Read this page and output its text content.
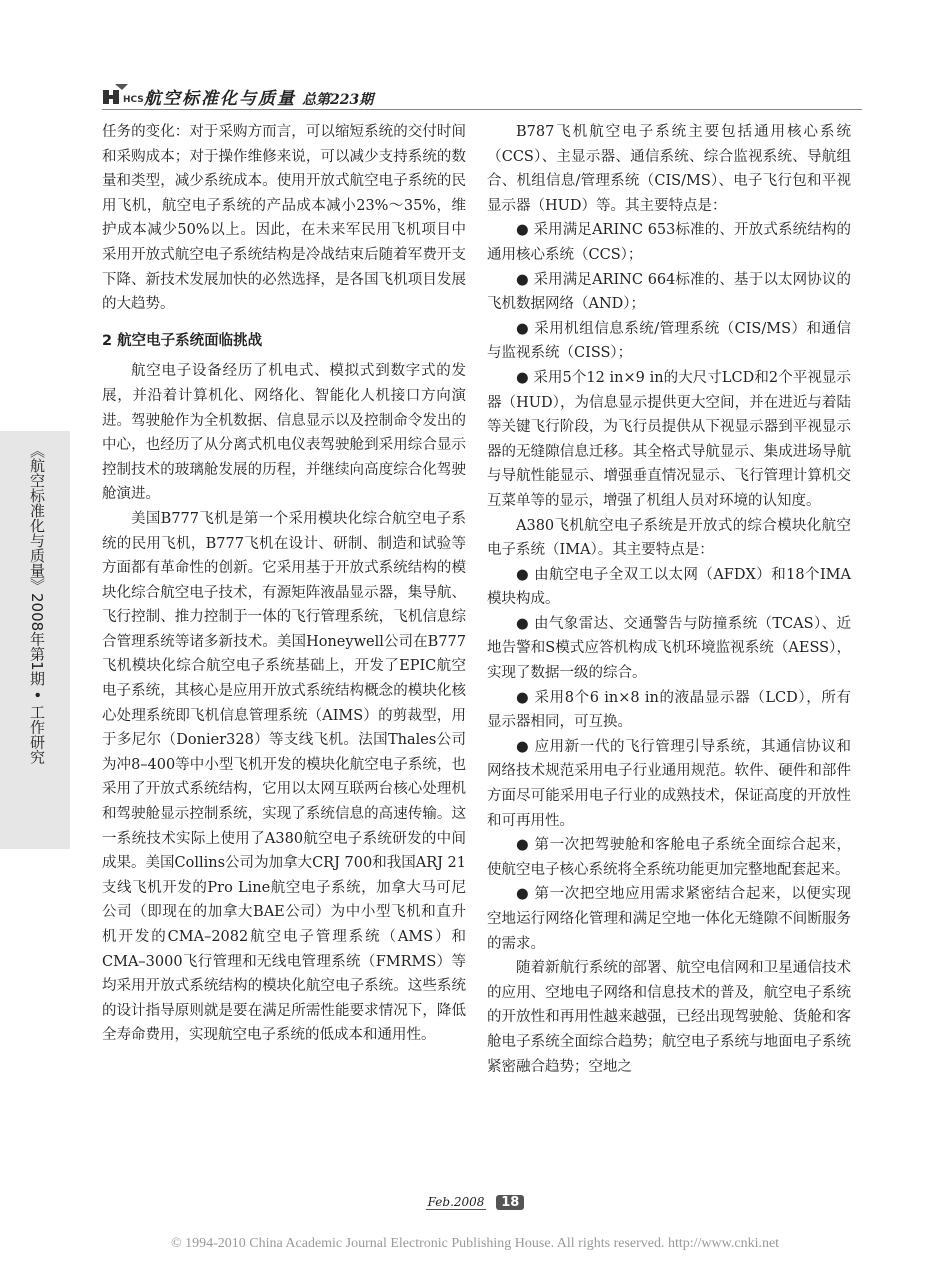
HCS 航空标准化与质量 总第223期
《航空标准化与质量》2008年第1期 • 工作研究

任务的变化：对于采购方而言，可以缩短系统的交付时间和采购成本；对于操作维修来说，可以减少支持系统的数量和类型，减少系统成本。使用开放式航空电子系统的民用飞机，航空电子系统的产品成本减小23%～35%，维护成本减少50%以上。因此，在未来军民用飞机项目中采用开放式航空电子系统结构是冷战结束后随着军费开支下降、新技术发展加快的必然选择，是各国飞机项目发展的大趋势。

2 航空电子系统面临挑战

航空电子设备经历了机电式、模拟式到数字式的发展，并沿着计算机化、网络化、智能化人机接口方向演进。驾驶舱作为全机数据、信息显示以及控制命令发出的中心，也经历了从分离式机电仪表驾驶舱到采用综合显示控制技术的玻璃舱发展的历程，并继续向高度综合化驾驶舱演进。

美国B777飞机是第一个采用模块化综合航空电子系统的民用飞机，B777飞机在设计、研制、制造和试验等方面都有革命性的创新。它采用基于开放式系统结构的模块化综合航空电子技术，有源矩阵液晶显示器，集导航、飞行控制、推力控制于一体的飞行管理系统，飞机信息综合管理系统等诸多新技术。美国Honeywell公司在B777飞机模块化综合航空电子系统基础上，开发了EPIC航空电子系统，其核心是应用开放式系统结构概念的模块化核心处理系统即飞机信息管理系统（AIMS）的剪裁型，用于多尼尔（Donier328）等支线飞机。法国Thales公司为冲8–400等中小型飞机开发的模块化航空电子系统，也采用了开放式系统结构，它用以太网互联两台核心处理机和驾驶舱显示控制系统，实现了系统信息的高速传输。这一系统技术实际上使用了A380航空电子系统研发的中间成果。美国Collins公司为加拿大CRJ 700和我国ARJ 21支线飞机开发的Pro Line航空电子系统，加拿大马可尼公司（即现在的加拿大BAE公司）为中小型飞机和直升机开发的CMA–2082航空电子管理系统（AMS）和CMA–3000飞行管理和无线电管理系统（FMRMS）等均采用开放式系统结构的模块化航空电子系统。这些系统的设计指导原则就是要在满足所需性能要求情况下，降低全寿命费用，实现航空电子系统的低成本和通用性。

B787飞机航空电子系统主要包括通用核心系统（CCS）、主显示器、通信系统、综合监视系统、导航组合、机组信息/管理系统（CIS/MS）、电子飞行包和平视显示器（HUD）等。其主要特点是：

● 采用满足ARINC 653标准的、开放式系统结构的通用核心系统（CCS）；

● 采用满足ARINC 664标准的、基于以太网协议的飞机数据网络（AND）；

● 采用机组信息系统/管理系统（CIS/MS）和通信与监视系统（CISS）；

● 采用5个12 in×9 in的大尺寸LCD和2个平视显示器（HUD），为信息显示提供更大空间，并在进近与着陆等关键飞行阶段，为飞行员提供从下视显示器到平视显示器的无缝隙信息迁移。其全格式导航显示、集成进场导航与导航性能显示、增强垂直情况显示、飞行管理计算机交互菜单等的显示，增强了机组人员对环境的认知度。

A380飞机航空电子系统是开放式的综合模块化航空电子系统（IMA）。其主要特点是：

● 由航空电子全双工以太网（AFDX）和18个IMA模块构成。

● 由气象雷达、交通警告与防撞系统（TCAS）、近地告警和S模式应答机构成飞机环境监视系统（AESS），实现了数据一级的综合。

● 采用8个6 in×8 in的液晶显示器（LCD），所有显示器相同，可互换。

● 应用新一代的飞行管理引导系统，其通信协议和网络技术规范采用电子行业通用规范。软件、硬件和部件方面尽可能采用电子行业的成熟技术，保证高度的开放性和可再用性。

● 第一次把驾驶舱和客舱电子系统全面综合起来，使航空电子核心系统将全系统功能更加完整地配套起来。

● 第一次把空地应用需求紧密结合起来，以便实现空地运行网络化管理和满足空地一体化无缝隙不间断服务的需求。

随着新航行系统的部署、航空电信网和卫星通信技术的应用、空地电子网络和信息技术的普及，航空电子系统的开放性和再用性越来越强，已经出现驾驶舱、货舱和客舱电子系统全面综合趋势；航空电子系统与地面电子系统紧密融合趋势；空地之

Feb.2008 18
© 1994-2010 China Academic Journal Electronic Publishing House. All rights reserved. http://www.cnki.net
